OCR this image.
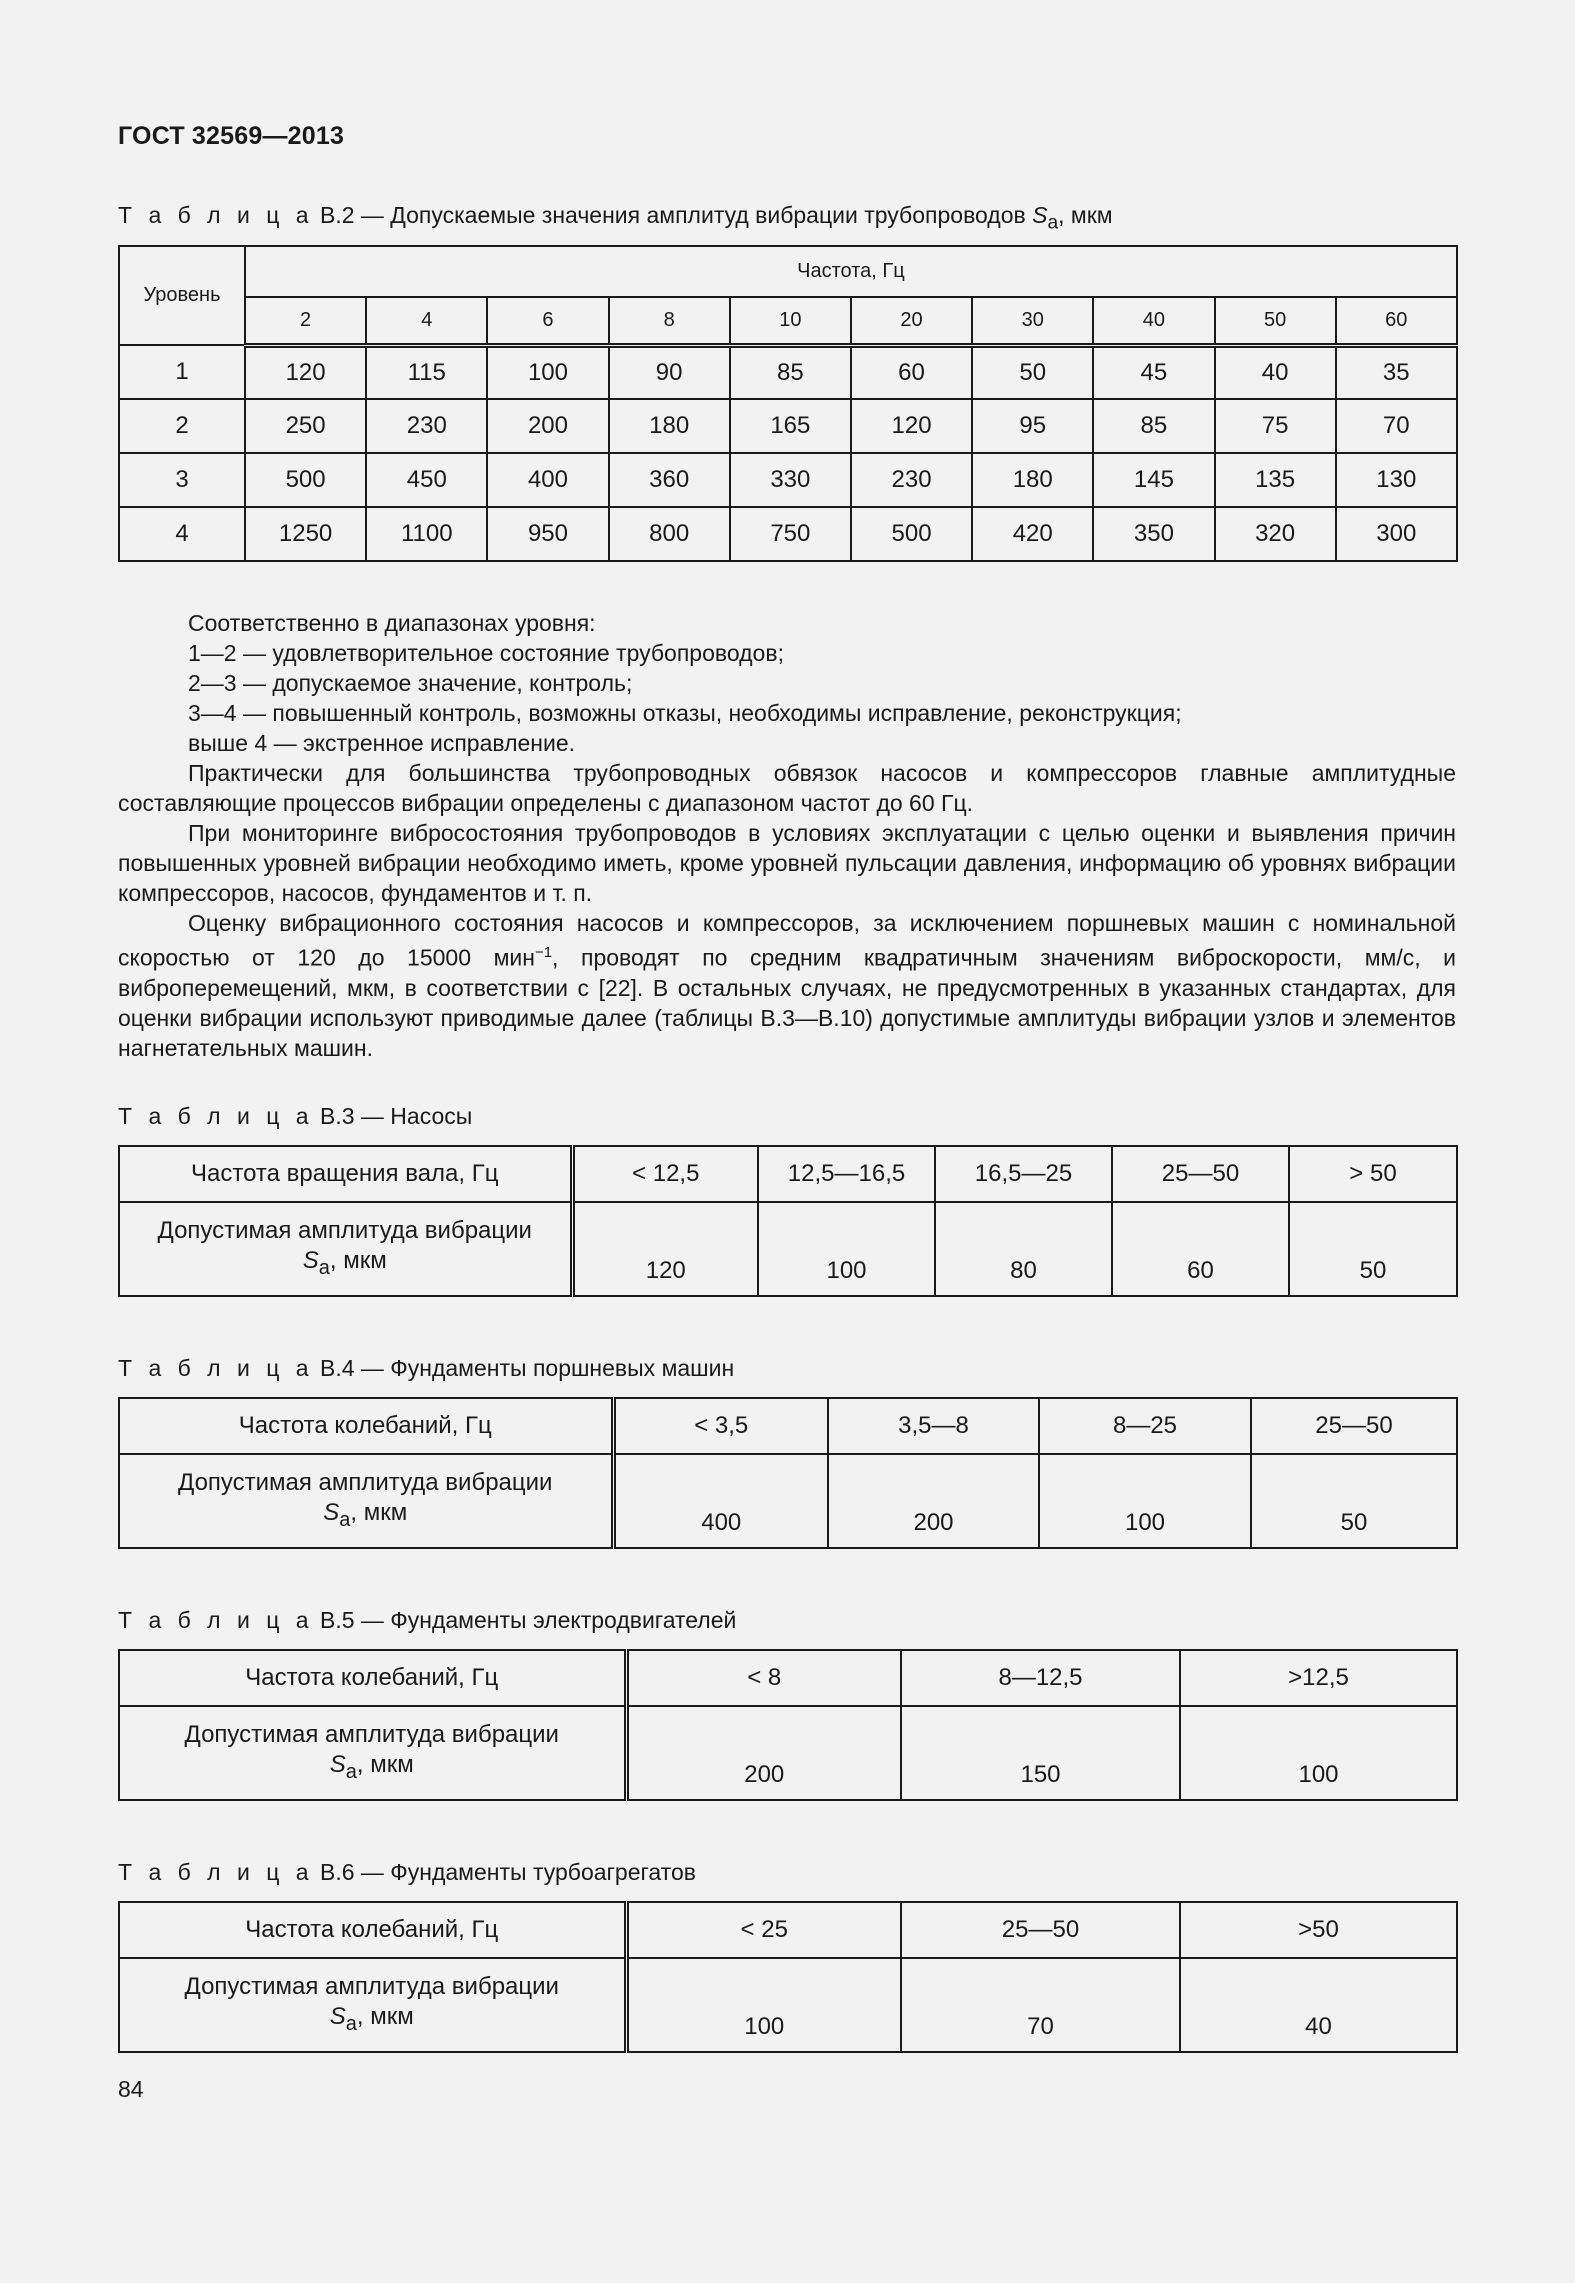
ГОСТ 32569—2013
Т а б л и ц а В.2 — Допускаемые значения амплитуд вибрации трубопроводов $S_a$, мкм
Уровень	Частота, Гц									
	2	4	6	8	10	20	30	40	50	60
1	120	115	100	90	85	60	50	45	40	35
2	250	230	200	180	165	120	95	85	75	70
3	500	450	400	360	330	230	180	145	135	130
4	1250	1100	950	800	750	500	420	350	320	300

Соответственно в диапазонах уровня:

1—2 — удовлетворительное состояние трубопроводов;

2—3 — допускаемое значение, контроль;

3—4 — повышенный контроль, возможны отказы, необходимы исправление, реконструкция;

выше 4 — экстренное исправление.

Практически для большинства трубопроводных обвязок насосов и компрессоров главные амплитудные составляющие процессов вибрации определены с диапазоном частот до 60 Гц.

При мониторинге вибросостояния трубопроводов в условиях эксплуатации с целью оценки и выявления причин повышенных уровней вибрации необходимо иметь, кроме уровней пульсации давления, информацию об уровнях вибрации компрессоров, насосов, фундаментов и т. п.

Оценку вибрационного состояния насосов и компрессоров, за исключением поршневых машин с номинальной скоростью от 120 до 15000 мин$^{-1}$, проводят по средним квадратичным значениям виброскорости, мм/с, и виброперемещений, мкм, в соответствии с [22]. В остальных случаях, не предусмотренных в указанных стандартах, для оценки вибрации используют приводимые далее (таблицы В.3—В.10) допустимые амплитуды вибрации узлов и элементов нагнетательных машин.

Т а б л и ц а В.3 — Насосы
Частота вращения вала, Гц	< 12,5	12,5—16,5	16,5—25	25—50	> 50
Допустимая амплитуда вибрации
$S_a$, мкм	120	100	80	60	50
Т а б л и ц а В.4 — Фундаменты поршневых машин
Частота колебаний, Гц	< 3,5	3,5—8	8—25	25—50
Допустимая амплитуда вибрации
$S_a$, мкм	400	200	100	50
Т а б л и ц а В.5 — Фундаменты электродвигателей
Частота колебаний, Гц	< 8	8—12,5	>12,5
Допустимая амплитуда вибрации
$S_a$, мкм	200	150	100
Т а б л и ц а В.6 — Фундаменты турбоагрегатов
Частота колебаний, Гц	< 25	25—50	>50
Допустимая амплитуда вибрации
$S_a$, мкм	100	70	40
84
